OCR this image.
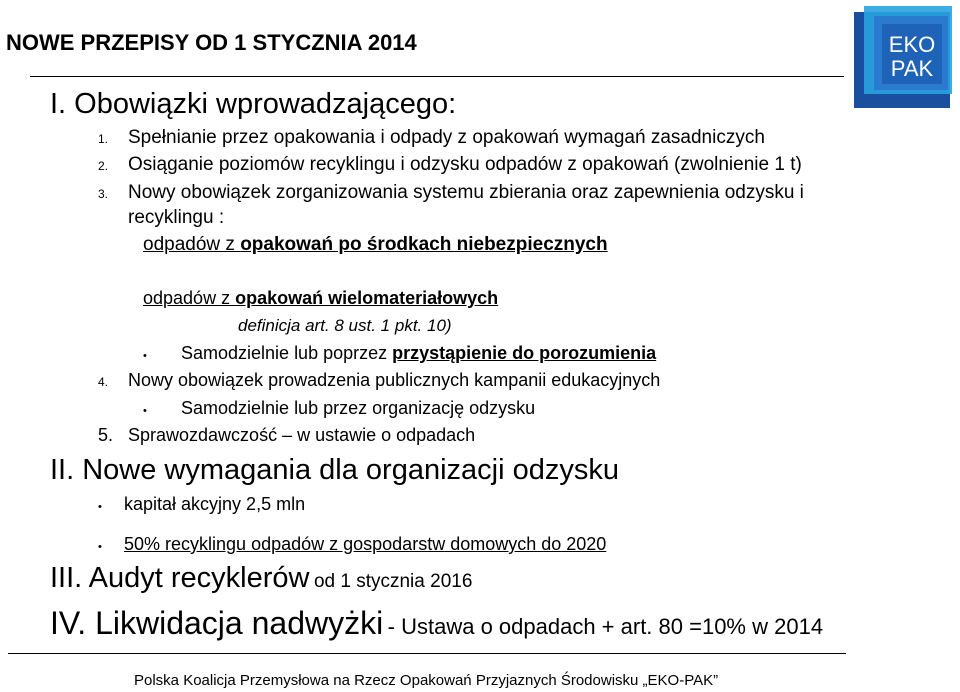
NOWE PRZEPISY OD 1 STYCZNIA 2014	EKO
PAK
I. Obowiązki wprowadzającego:
1. Spełnianie przez opakowania i odpady z opakowań wymagań zasadniczych
2. Osiąganie poziomów recyklingu i odzysku odpadów z opakowań (zwolnienie 1 t)
3. Nowy obowiązek zorganizowania systemu zbierania oraz zapewnienia odzysku i
recyklingu :
odpadów z opakowań po środkach niebezpiecznych
odpadów z opakowań wielomateriałowych
definicja art. 8 ust. 1 pkt. 10)
• Samodzielnie lub poprzez przystąpienie do porozumienia
4. Nowy obowiązek prowadzenia publicznych kampanii edukacyjnych
• Samodzielnie lub przez organizację odzysku
5. Sprawozdawczość – w ustawie o odpadach
II. Nowe wymagania dla organizacji odzysku
• kapitał akcyjny 2,5 mln
• 50% recyklingu odpadów z gospodarstw domowych do 2020
III. Audyt recyklerów od 1 stycznia 2016
IV. Likwidacja nadwyżki - Ustawa o odpadach + art. 80 =10% w 2014
Polska Koalicja Przemysłowa na Rzecz Opakowań Przyjaznych Środowisku „EKO-PAK”
